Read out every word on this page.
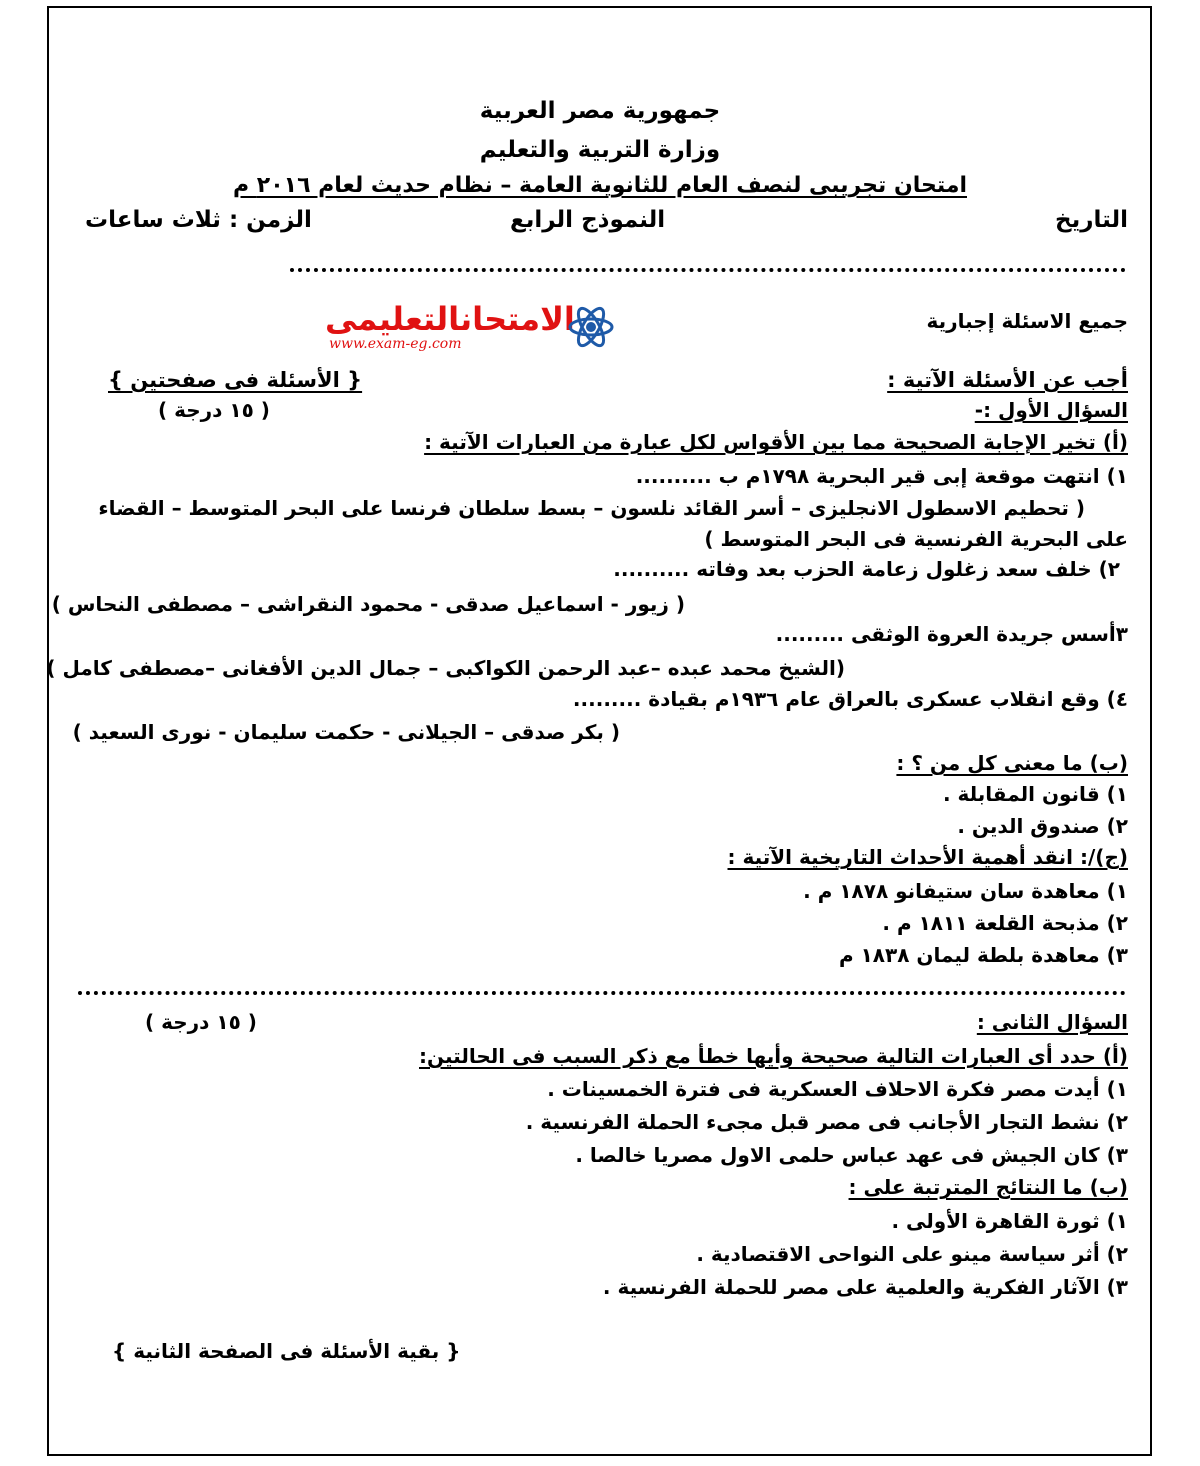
جمهورية مصر العربية
وزارة التربية والتعليم
امتحان تجريبى لنصف العام للثانوية العامة – نظام حديث لعام ٢٠١٦ م
التاريخ
النموذج الرابع
الزمن : ثلاث ساعات
الامتحانالتعليمى
www.exam-eg.com
جميع الاسئلة إجبارية
أجب عن الأسئلة الآتية :
{ الأسئلة فى صفحتين }
السؤال الأول :-
( ١٥ درجة )
(أ) تخير الإجابة الصحيحة مما بين الأقواس لكل عبارة من العبارات الآتية :
١) انتهت موقعة إبى قير البحرية ١٧٩٨م ب ..........
( تحطيم الاسطول الانجليزى – أسر القائد نلسون – بسط سلطان فرنسا على البحر المتوسط – القضاء
على البحرية الفرنسية فى البحر المتوسط )
٢) خلف سعد زغلول زعامة الحزب بعد وفاته ..........
( زيور - اسماعيل صدقى - محمود النقراشى – مصطفى النحاس )
٣أسس جريدة العروة الوثقى .........
(الشيخ محمد عبده –عبد الرحمن الكواكبى – جمال الدين الأفغانى –مصطفى كامل )
٤) وقع انقلاب عسكرى بالعراق عام ١٩٣٦م بقيادة .........
( بكر صدقى – الجيلانى - حكمت سليمان - نورى السعيد )
(ب) ما معنى كل من ؟ :
١) قانون المقابلة .
٢) صندوق الدين .
(ج)/: انقد أهمية الأحداث التاريخية الآتية :
١) معاهدة سان ستيفانو ١٨٧٨ م .
٢) مذبحة القلعة ١٨١١ م .
٣) معاهدة بلطة ليمان ١٨٣٨ م
السؤال الثانى :
( ١٥ درجة )
(أ) حدد أى العبارات التالية صحيحة وأيها خطأ مع ذكر السبب فى الحالتين:
١) أيدت مصر فكرة الاحلاف العسكرية فى فترة الخمسينات .
٢) نشط التجار الأجانب فى مصر قبل مجىء الحملة الفرنسية .
٣) كان الجيش فى عهد عباس حلمى الاول مصريا خالصا .
(ب) ما النتائج المترتبة على :
١) ثورة القاهرة الأولى .
٢) أثر سياسة مينو على النواحى الاقتصادية .
٣) الآثار الفكرية والعلمية على مصر للحملة الفرنسية .
{ بقية الأسئلة فى الصفحة الثانية }
